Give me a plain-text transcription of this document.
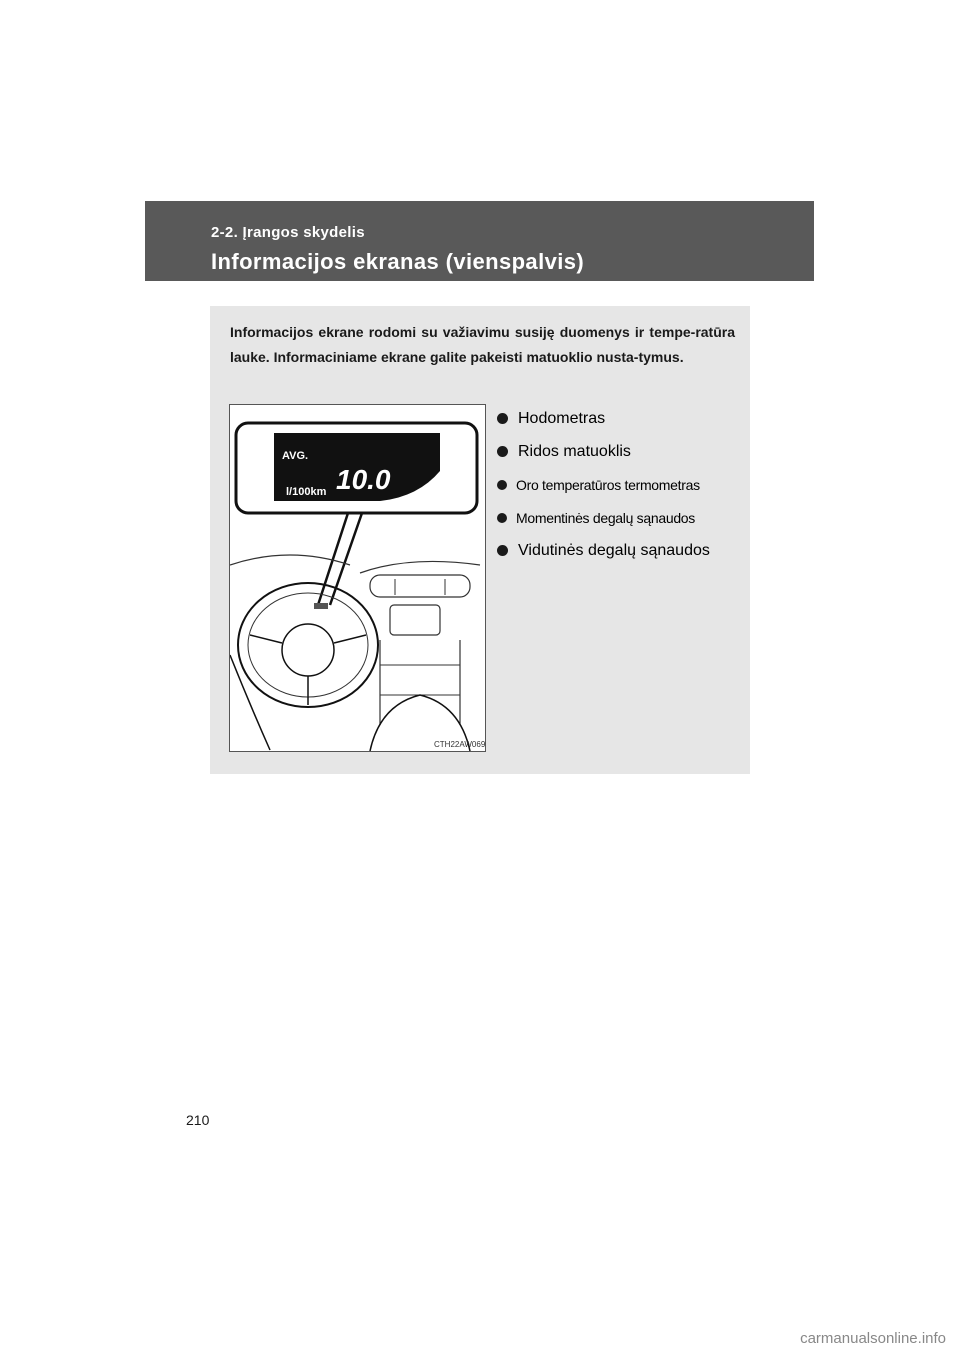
2-2. Įrangos skydelis
Informacijos ekranas (vienspalvis)
Informacijos ekrane rodomi su važiavimu susiję duomenys ir tempe-ratūra lauke. Informaciniame ekrane galite pakeisti matuoklio nusta-tymus.
AVG.
10.0
l/100km
CTH22AW069
Hodometras
Ridos matuoklis
Oro temperatūros termometras
Momentinės degalų sąnaudos
Vidutinės degalų sąnaudos
210
carmanualsonline.info
